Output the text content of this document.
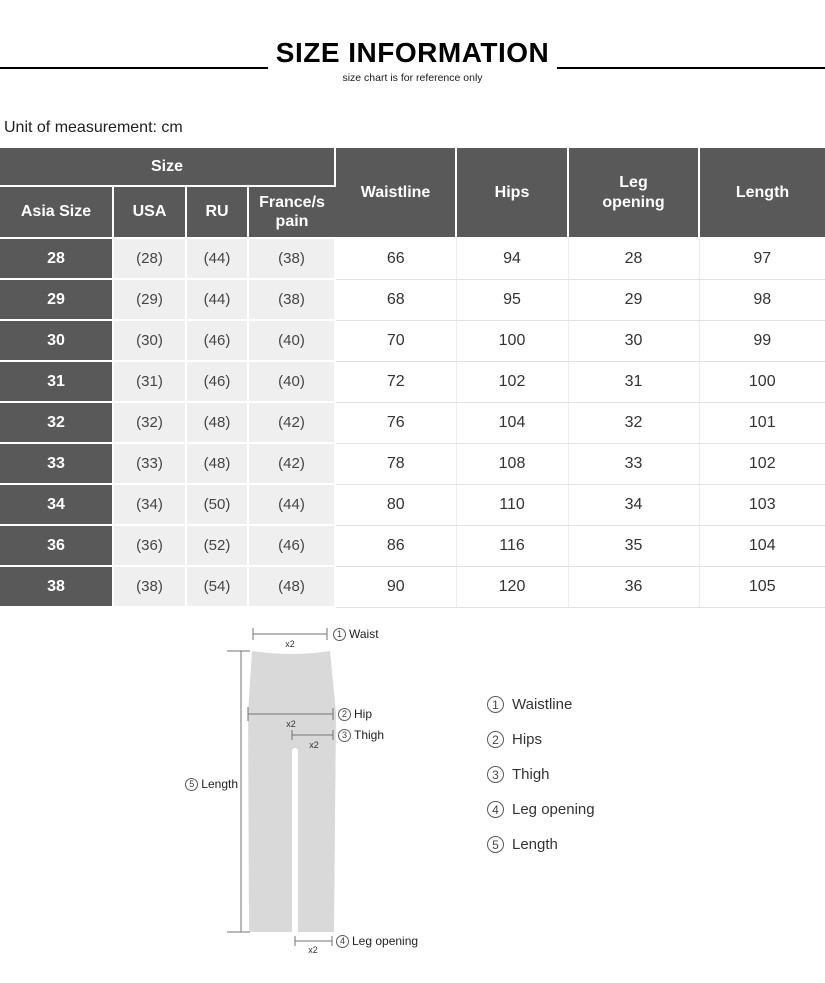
SIZE INFORMATION
size chart is for reference only
Unit of measurement: cm
Size				Waistline	Hips	Leg opening	Length
Asia Size	USA	RU	France/s pain				
28	(28)	(44)	(38)	66	94	28	97
29	(29)	(44)	(38)	68	95	29	98
30	(30)	(46)	(40)	70	100	30	99
31	(31)	(46)	(40)	72	102	31	100
32	(32)	(48)	(42)	76	104	32	101
33	(33)	(48)	(42)	78	108	33	102
34	(34)	(50)	(44)	80	110	34	103
36	(36)	(52)	(46)	86	116	35	104
38	(38)	(54)	(48)	90	120	36	105
x2
x2
x2
x2
1 Waist
2 Hip
3 Thigh
4 Leg opening
5 Length
1 Waistline
2 Hips
3 Thigh
4 Leg opening
5 Length
